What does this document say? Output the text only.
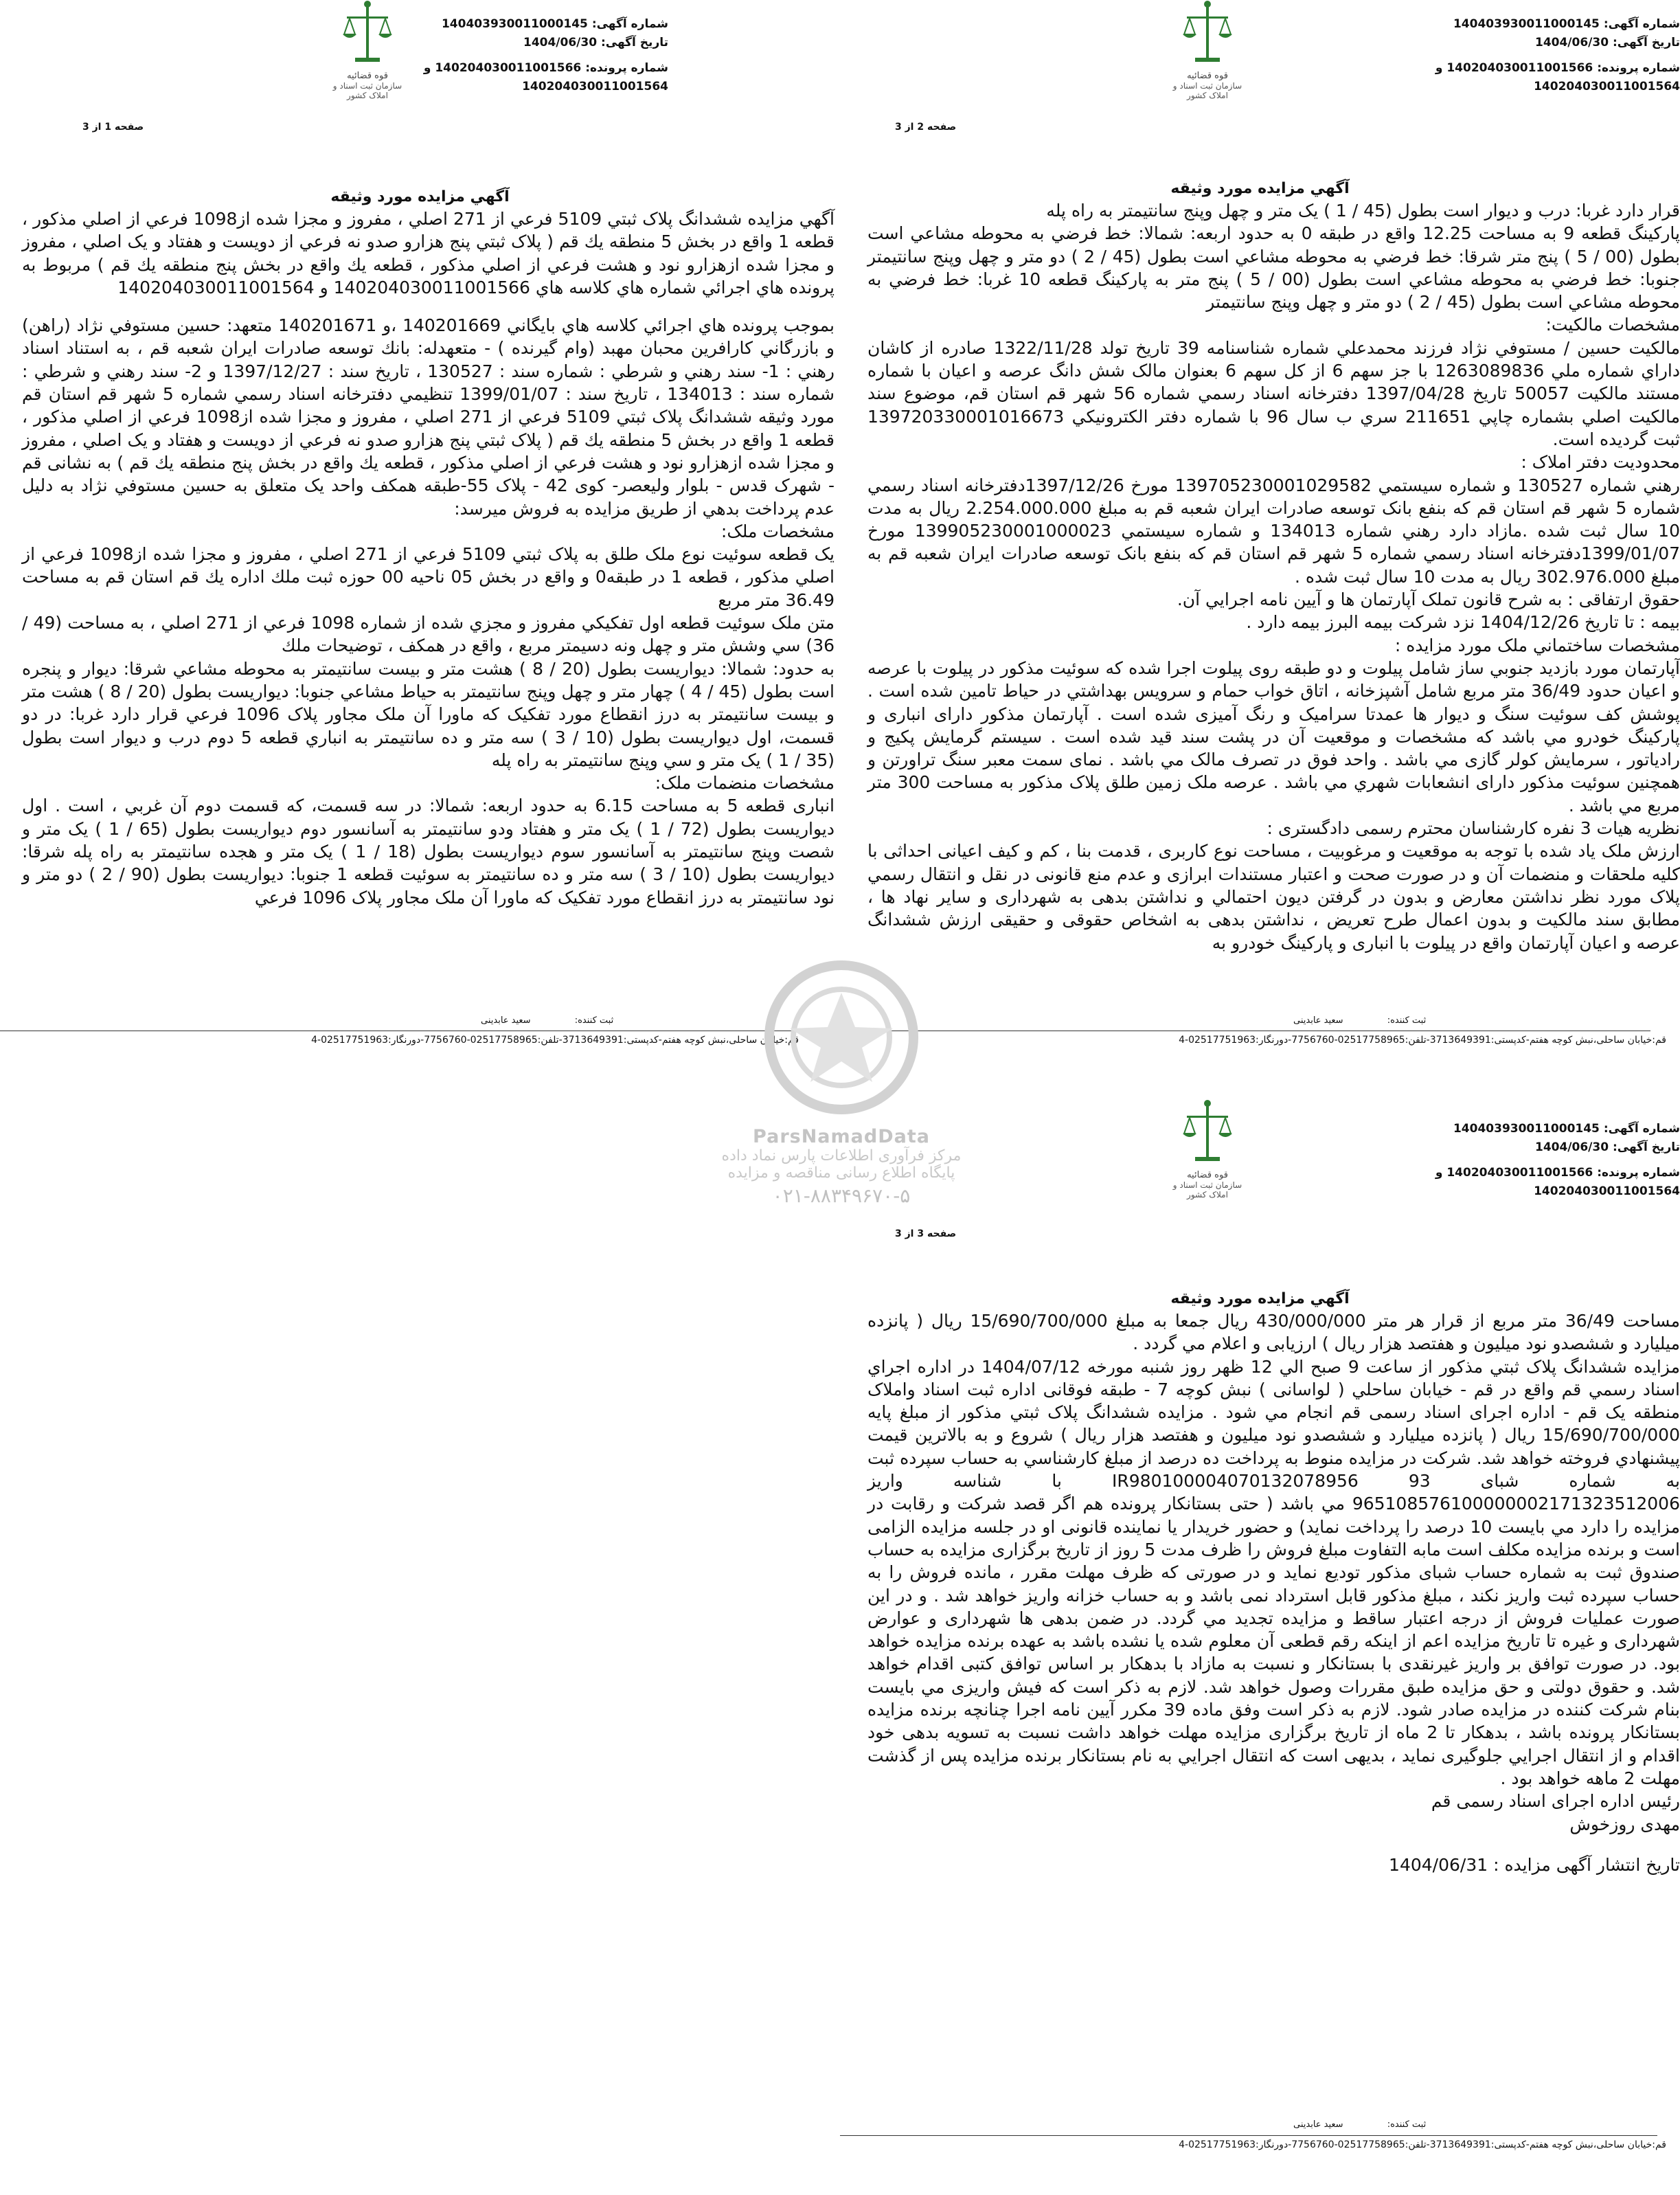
شماره آگهی: 140403930011000145
تاریخ آگهی: 1404/06/30
شماره پرونده: 140204030011001566 و
140204030011001564
قوه قضائیه
سازمان ثبت اسناد و املاک کشور
صفحه 1 از 3
آگهي مزايده مورد وثيقه

آگهي مزايده ششدانگ پلاک ثبتي 5109 فرعي از 271 اصلي ، مفروز و مجزا شده از1098 فرعي از اصلي مذکور ، قطعه 1 واقع در بخش 5 منطقه يك قم ( پلاک ثبتي پنج هزارو صدو نه فرعي از دويست و هفتاد و يک اصلي ، مفروز و مجزا شده ازهزارو نود و هشت فرعي از اصلي مذکور ، قطعه يك واقع در بخش پنج منطقه يك قم ) مربوط به پرونده هاي اجرائي شماره هاي كلاسه هاي 140204030011001566 و 140204030011001564

بموجب پرونده هاي اجرائي كلاسه هاي بايگاني 140201669 ،و 140201671 متعهد: حسين مستوفي نژاد (راهن) و بازرگاني كارافرين محبان مهبد (وام گيرنده ) - متعهدله: بانك توسعه صادرات ايران شعبه قم ، به استناد اسناد رهني : 1- سند رهني و شرطي : شماره سند : 130527 ، تاريخ سند : 1397/12/27 و 2- سند رهني و شرطي : شماره سند : 134013 ، تاريخ سند : 1399/01/07 تنظيمي دفترخانه اسناد رسمي شماره 5 شهر قم استان قم مورد وثيقه ششدانگ پلاک ثبتي 5109 فرعي از 271 اصلي ، مفروز و مجزا شده از1098 فرعي از اصلي مذکور ، قطعه 1 واقع در بخش 5 منطقه يك قم ( پلاک ثبتي پنج هزارو صدو نه فرعي از دويست و هفتاد و يک اصلي ، مفروز و مجزا شده ازهزارو نود و هشت فرعي از اصلي مذکور ، قطعه يك واقع در بخش پنج منطقه يك قم ) به نشانی قم - شهرک قدس - بلوار وليعصر- کوی 42 - پلاک 55-طبقه همکف واحد يک متعلق به حسين مستوفي نژاد به دليل عدم پرداخت بدهي از طريق مزايده به فروش ميرسد:

مشخصات ملک:

يک قطعه سوئيت نوع ملک طلق به پلاک ثبتي 5109 فرعي از 271 اصلي ، مفروز و مجزا شده از1098 فرعي از اصلي مذکور ، قطعه 1 در طبقه0 و واقع در بخش 05 ناحيه 00 حوزه ثبت ملك اداره يك قم استان قم به مساحت 36.49 متر مربع

متن ملک سوئيت قطعه اول تفکيکي مفروز و مجزي شده از شماره 1098 فرعي از 271 اصلي ، به مساحت (49 / 36) سي وشش متر و چهل ونه دسيمتر مربع ، واقع در همکف ، توضيحات ملك

به حدود: شمالا: ديواريست بطول (20 / 8 ) هشت متر و بيست سانتيمتر به محوطه مشاعي شرقا: ديوار و پنجره است بطول (45 / 4 ) چهار متر و چهل وپنج سانتيمتر به حياط مشاعي جنوبا: ديواريست بطول (20 / 8 ) هشت متر و بيست سانتيمتر به درز انقطاع مورد تفکيک که ماورا آن ملک مجاور پلاک 1096 فرعي قرار دارد غربا: در دو قسمت، اول ديواريست بطول (10 / 3 ) سه متر و ده سانتيمتر به انباري قطعه 5 دوم درب و ديوار است بطول (35 / 1 ) يک متر و سي وپنج سانتيمتر به راه پله

مشخصات منضمات ملک:

انباری قطعه 5 به مساحت 6.15 به حدود اربعه: شمالا: در سه قسمت، که قسمت دوم آن غربي ، است . اول ديواريست بطول (72 / 1 ) يک متر و هفتاد ودو سانتيمتر به آسانسور دوم ديواريست بطول (65 / 1 ) يک متر و شصت وپنج سانتيمتر به آسانسور سوم ديواريست بطول (18 / 1 ) يک متر و هجده سانتيمتر به راه پله شرقا: ديواريست بطول (10 / 3 ) سه متر و ده سانتيمتر به سوئيت قطعه 1 جنوبا: ديواريست بطول (90 / 2 ) دو متر و نود سانتيمتر به درز انقطاع مورد تفکيک که ماورا آن ملک مجاور پلاک 1096 فرعي

ثبت کننده: سعید عابدینی
قم:خیابان ساحلی،نبش کوچه هفتم-کدپستی:3713649391-تلفن:02517758965-7756760-دورنگار:02517751963-4
شماره آگهی: 140403930011000145
تاریخ آگهی: 1404/06/30
شماره پرونده: 140204030011001566 و
140204030011001564
قوه قضائیه
سازمان ثبت اسناد و املاک کشور
صفحه 2 از 3
آگهي مزايده مورد وثيقه

قرار دارد غربا: درب و ديوار است بطول (45 / 1 ) يک متر و چهل وپنج سانتيمتر به راه پله

پارکينگ قطعه 9 به مساحت 12.25 واقع در طبقه 0 به حدود اربعه: شمالا: خط فرضي به محوطه مشاعي است بطول (00 / 5 ) پنج متر شرقا: خط فرضي به محوطه مشاعي است بطول (45 / 2 ) دو متر و چهل وپنج سانتيمتر جنوبا: خط فرضي به محوطه مشاعي است بطول (00 / 5 ) پنج متر به پارکينگ قطعه 10 غربا: خط فرضي به محوطه مشاعي است بطول (45 / 2 ) دو متر و چهل وپنج سانتيمتر

مشخصات مالكيت:

مالکيت حسين / مستوفي نژاد فرزند محمدعلي شماره شناسنامه 39 تاريخ تولد 1322/11/28 صادره از کاشان داراي شماره ملي 1263089836 با جز سهم 6 از کل سهم 6 بعنوان مالک شش دانگ عرصه و اعيان با شماره مستند مالکيت 50057 تاريخ 1397/04/28 دفترخانه اسناد رسمي شماره 56 شهر قم استان قم، موضوع سند مالکيت اصلي بشماره چاپي 211651 سري ب سال 96 با شماره دفتر الکترونيکي 139720330001016673 ثبت گرديده است.

محدوديت دفتر املاک :

رهني شماره 130527 و شماره سيستمي 139705230001029582 مورخ 1397/12/26دفترخانه اسناد رسمي شماره 5 شهر قم استان قم که بنفع بانک توسعه صادرات ايران شعبه قم به مبلغ 2.254.000.000 ريال به مدت 10 سال ثبت شده .مازاد دارد رهني شماره 134013 و شماره سيستمي 139905230001000023 مورخ 1399/01/07دفترخانه اسناد رسمي شماره 5 شهر قم استان قم که بنفع بانک توسعه صادرات ايران شعبه قم به مبلغ 302.976.000 ريال به مدت 10 سال ثبت شده .

حقوق ارتفاقی : به شرح قانون تملک آپارتمان ها و آيين نامه اجرايي آن.

بيمه : تا تاريخ 1404/12/26 نزد شرکت بيمه البرز بيمه دارد .

مشخصات ساختماني ملک مورد مزايده :

آپارتمان مورد بازديد جنوبي ساز شامل پيلوت و دو طبقه روی پيلوت اجرا شده كه سوئيت مذکور در پيلوت با عرصه و اعيان حدود 36/49 متر مربع شامل آشپزخانه ، اتاق خواب حمام و سرويس بهداشتي در حياط تامين شده است . پوشش کف سوئيت سنگ و ديوار ها عمدتا سراميک و رنگ آميزی شده است . آپارتمان مذکور دارای انباری و پارکينگ خودرو مي باشد که مشخصات و موقعيت آن در پشت سند قيد شده است . سيستم گرمايش پکيج و رادياتور ، سرمايش کولر گازی مي باشد . واحد فوق در تصرف مالک مي باشد . نمای سمت معبر سنگ تراورتن و همچنين سوئيت مذکور دارای انشعابات شهري مي باشد . عرصه ملک زمين طلق پلاک مذکور به مساحت 300 متر مربع مي باشد .

نظريه هيات 3 نفره كارشناسان محترم رسمی دادگستری :

ارزش ملک ياد شده با توجه به موقعيت و مرغوبيت ، مساحت نوع کاربری ، قدمت بنا ، کم و کيف اعيانی احداثی با کليه ملحقات و منضمات آن و در صورت صحت و اعتبار مستندات ابرازی و عدم منع قانونی در نقل و انتقال رسمي پلاک مورد نظر نداشتن معارض و بدون در گرفتن ديون احتمالي و نداشتن بدهی به شهرداری و ساير نهاد ها ، مطابق سند مالکيت و بدون اعمال طرح تعريض ، نداشتن بدهی به اشخاص حقوقی و حقيقی ارزش ششدانگ عرصه و اعيان آپارتمان واقع در پيلوت با انباری و پارکينگ خودرو به

ثبت کننده: سعید عابدینی
قم:خیابان ساحلی،نبش کوچه هفتم-کدپستی:3713649391-تلفن:02517758965-7756760-دورنگار:02517751963-4
شماره آگهی: 140403930011000145
تاریخ آگهی: 1404/06/30
شماره پرونده: 140204030011001566 و
140204030011001564
قوه قضائیه
سازمان ثبت اسناد و املاک کشور
صفحه 3 از 3
آگهي مزايده مورد وثيقه

مساحت 36/49 متر مربع از قرار هر متر 430/000/000 ريال جمعا به مبلغ 15/690/700/000 ريال ( پانزده ميليارد و ششصدو نود ميليون و هفتصد هزار ريال ) ارزيابی و اعلام مي گردد .

مزايده ششدانگ پلاک ثبتي مذکور از ساعت 9 صبح الي 12 ظهر روز شنبه مورخه 1404/07/12 در اداره اجراي اسناد رسمي قم واقع در قم - خيابان ساحلي ( لواسانی ) نبش کوچه 7 - طبقه فوقانی اداره ثبت اسناد واملاک منطقه يک قم - اداره اجرای اسناد رسمی قم انجام مي شود . مزايده ششدانگ پلاک ثبتي مذکور از مبلغ پايه 15/690/700/000 ريال ( پانزده ميليارد و ششصدو نود ميليون و هفتصد هزار ريال ) شروع و به بالاترين قيمت پيشنهادي فروخته خواهد شد. شرکت در مزايده منوط به پرداخت ده درصد از مبلغ کارشناسي به حساب سپرده ثبت به شماره شبای IR980100004070132078956 93 با شناسه واريز 965108576100000002171323512006 مي باشد ( حتی بستانکار پرونده هم اگر قصد شرکت و رقابت در مزايده را دارد مي بايست 10 درصد را پرداخت نمايد) و حضور خريدار يا نماينده قانونی او در جلسه مزايده الزامی است و برنده مزايده مكلف است مابه التفاوت مبلغ فروش را ظرف مدت 5 روز از تاريخ برگزاری مزايده به حساب صندوق ثبت به شماره حساب شبای مذکور توديع نمايد و در صورتی که ظرف مهلت مقرر ، مانده فروش را به حساب سپرده ثبت واريز نکند ، مبلغ مذکور قابل استرداد نمی باشد و به حساب خزانه واريز خواهد شد . و در اين صورت عمليات فروش از درجه اعتبار ساقط و مزايده تجديد مي گردد. در ضمن بدهی ها شهرداری و عوارض شهرداری و غيره تا تاريخ مزايده اعم از اينكه رقم قطعی آن معلوم شده يا نشده باشد به عهده برنده مزايده خواهد بود. در صورت توافق بر واريز غيرنقدی با بستانکار و نسبت به مازاد با بدهکار بر اساس توافق کتبی اقدام خواهد شد. و حقوق دولتی و حق مزايده طبق مقررات وصول خواهد شد. لازم به ذکر است که فيش واريزی مي بايست بنام شرکت کننده در مزايده صادر شود. لازم به ذکر است وفق ماده 39 مکرر آيين نامه اجرا چنانچه برنده مزايده بستانکار پرونده باشد ، بدهکار تا 2 ماه از تاريخ برگزاری مزايده مهلت خواهد داشت نسبت به تسويه بدهی خود اقدام و از انتقال اجرايي جلوگيری نمايد ، بديهی است که انتقال اجرايي به نام بستانکار برنده مزايده پس از گذشت مهلت 2 ماهه خواهد بود .

رئيس اداره اجرای اسناد رسمی قم

مهدی روزخوش

تاريخ انتشار آگهی مزايده : 1404/06/31

ثبت کننده: سعید عابدینی
قم:خیابان ساحلی،نبش کوچه هفتم-کدپستی:3713649391-تلفن:02517758965-7756760-دورنگار:02517751963-4
ParsNamadData
مرکز فرآوری اطلاعات پارس نماد داده
پایگاه اطلاع رسانی مناقصه و مزایده
۰۲۱-۸۸۳۴۹۶۷۰-۵
